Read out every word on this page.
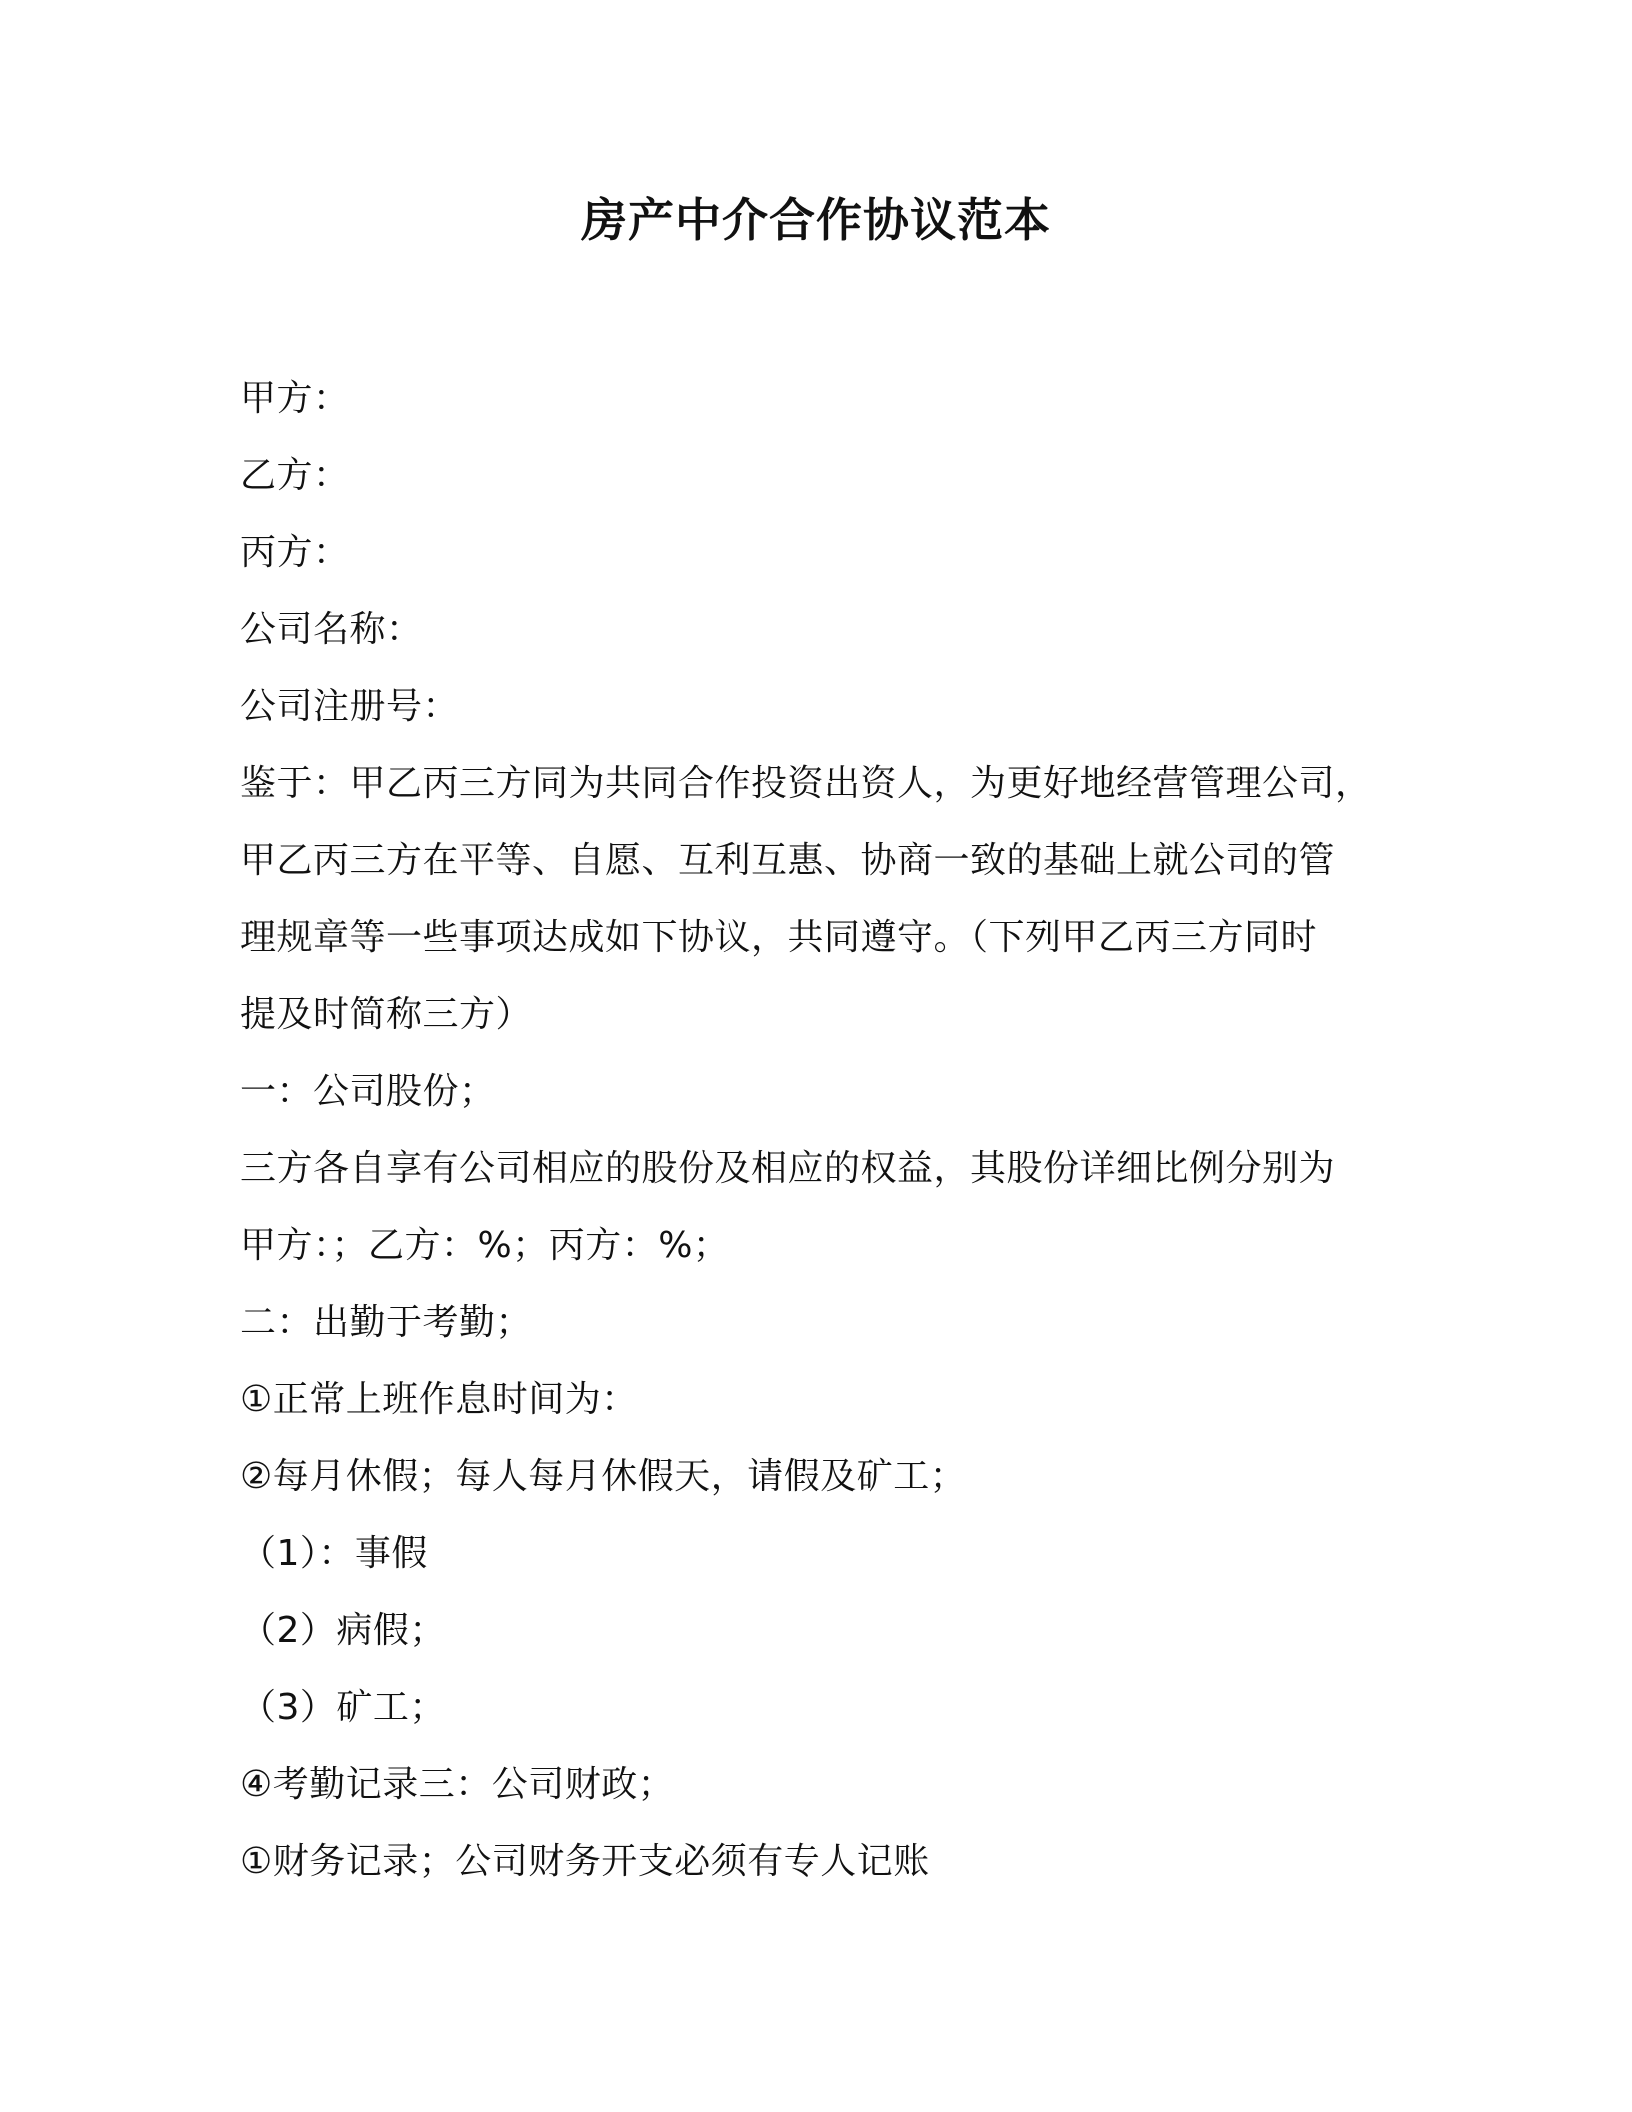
房产中介合作协议范本
甲方：
乙方：
丙方：
公司名称：
公司注册号：
鉴于：甲乙丙三方同为共同合作投资出资人，为更好地经营管理公司，
甲乙丙三方在平等、自愿、互利互惠、协商一致的基础上就公司的管
理规章等一些事项达成如下协议，共同遵守。（下列甲乙丙三方同时
提及时简称三方）
一：公司股份；
三方各自享有公司相应的股份及相应的权益，其股份详细比例分别为
甲方：；乙方：%；丙方：%；
二：出勤于考勤；
①正常上班作息时间为：
②每月休假；每人每月休假天，请假及矿工；
（1）：事假
（2）病假；
（3）矿工；
④考勤记录三：公司财政；
①财务记录；公司财务开支必须有专人记账
